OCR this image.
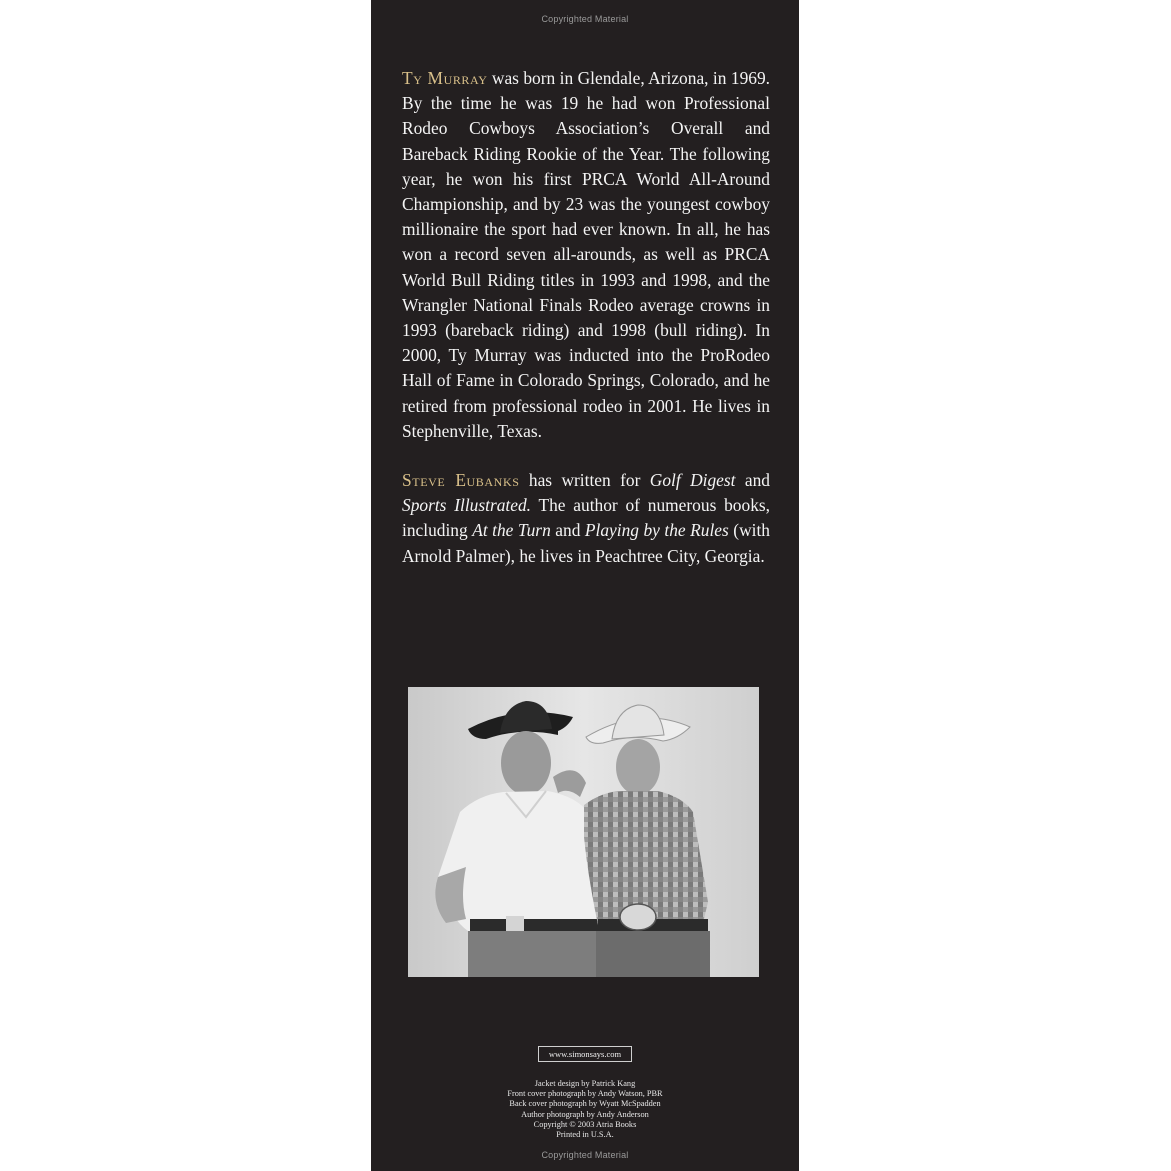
Copyrighted Material

Ty Murray was born in Glendale, Arizona, in 1969. By the time he was 19 he had won Professional Rodeo Cowboys Association’s Overall and Bareback Riding Rookie of the Year. The following year, he won his first PRCA World All-Around Championship, and by 23 was the youngest cowboy millionaire the sport had ever known. In all, he has won a record seven all-arounds, as well as PRCA World Bull Riding titles in 1993 and 1998, and the Wrangler National Finals Rodeo average crowns in 1993 (bareback riding) and 1998 (bull riding). In 2000, Ty Murray was inducted into the ProRodeo Hall of Fame in Colorado Springs, Colorado, and he retired from professional rodeo in 2001. He lives in Stephenville, Texas.

Steve Eubanks has written for Golf Digest and Sports Illustrated. The author of numerous books, including At the Turn and Playing by the Rules (with Arnold Palmer), he lives in Peachtree City, Georgia.

www.simonsays.com
Jacket design by Patrick Kang
Front cover photograph by Andy Watson, PBR
Back cover photograph by Wyatt McSpadden
Author photograph by Andy Anderson
Copyright © 2003 Atria Books
Printed in U.S.A.
Copyrighted Material
